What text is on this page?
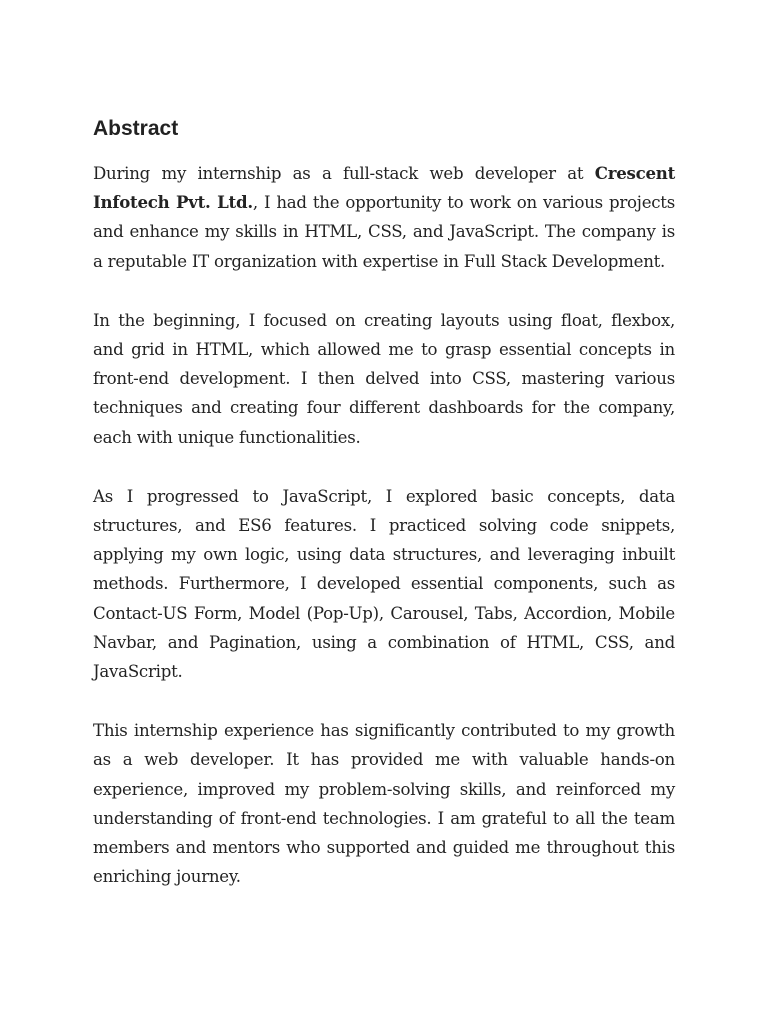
Abstract

During my internship as a full-stack web developer at Crescent Infotech Pvt. Ltd., I had the opportunity to work on various projects and enhance my skills in HTML, CSS, and JavaScript. The company is a reputable IT organization with expertise in Full Stack Development.

In the beginning, I focused on creating layouts using float, flexbox, and grid in HTML, which allowed me to grasp essential concepts in front-end development. I then delved into CSS, mastering various techniques and creating four different dashboards for the company, each with unique functionalities.

As I progressed to JavaScript, I explored basic concepts, data structures, and ES6 features. I practiced solving code snippets, applying my own logic, using data structures, and leveraging inbuilt methods. Furthermore, I developed essential components, such as Contact-US Form, Model (Pop-Up), Carousel, Tabs, Accordion, Mobile Navbar, and Pagination, using a combination of HTML, CSS, and JavaScript.

This internship experience has significantly contributed to my growth as a web developer. It has provided me with valuable hands-on experience, improved my problem-solving skills, and reinforced my understanding of front-end technologies. I am grateful to all the team members and mentors who supported and guided me throughout this enriching journey.
